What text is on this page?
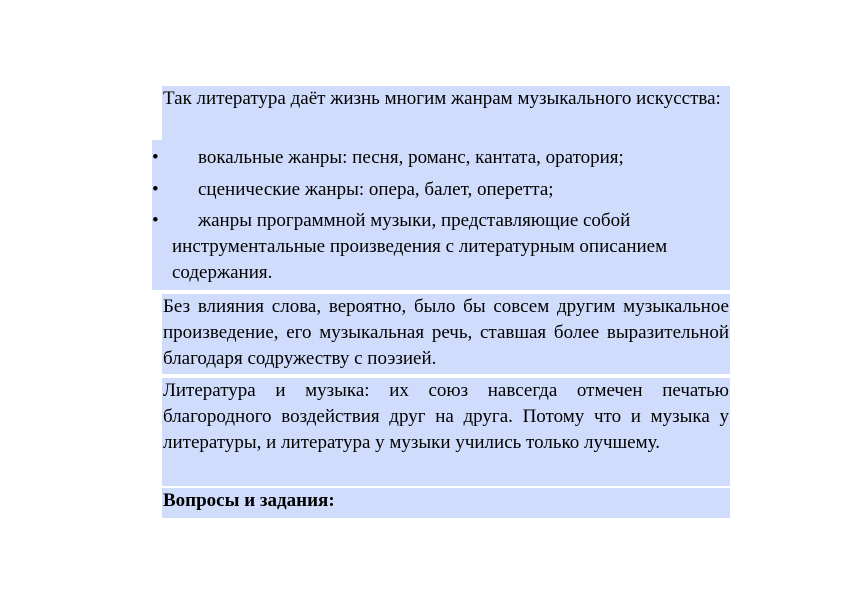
Так литература даёт жизнь многим жанрам музыкального искусства:
• вокальные жанры: песня, романс, кантата, оратория;
• сценические жанры: опера, балет, оперетта;
•	жанры программной музыки, представляющие собой инструментальные произведения с литературным описанием содержания.
Без влияния слова, вероятно, было бы совсем другим музыкальное произведение, его музыкальная речь, ставшая более выразительной благодаря содружеству с поэзией.
Литература и музыка: их союз навсегда отмечен печатью благородного воздействия друг на друга. Потому что и музыка у литературы, и литература у музыки учились только лучшему.
Вопросы и задания:
